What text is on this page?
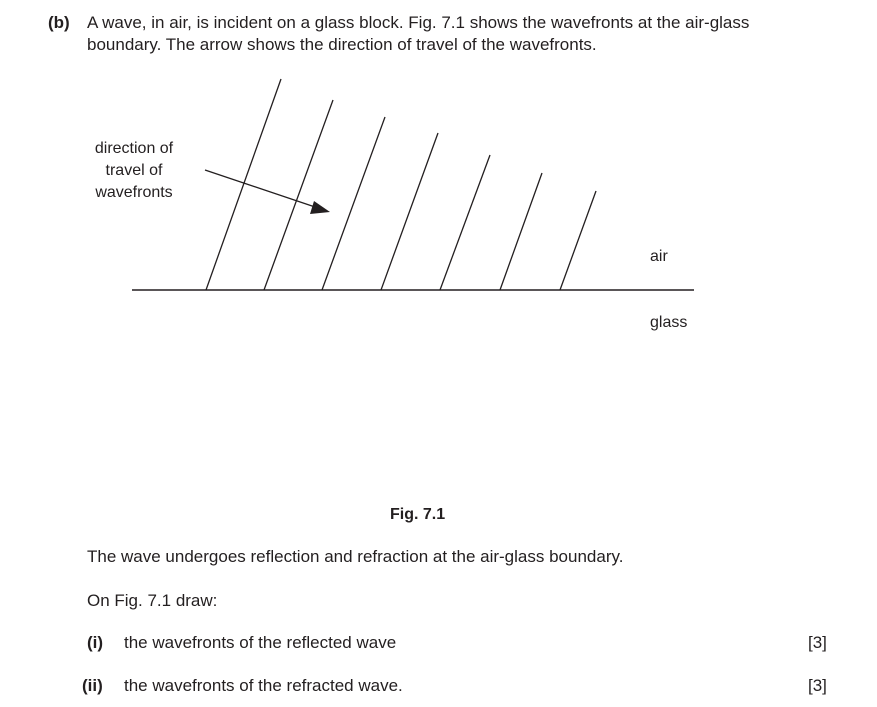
(b) A wave, in air, is incident on a glass block. Fig. 7.1 shows the wavefronts at the air-glass
boundary. The arrow shows the direction of travel of the wavefronts.
direction of
travel of
wavefronts
air
glass
Fig. 7.1
The wave undergoes reflection and refraction at the air-glass boundary.
On Fig. 7.1 draw:
(i) the wavefronts of the reflected wave	[3]
(ii) the wavefronts of the refracted wave.	[3]
